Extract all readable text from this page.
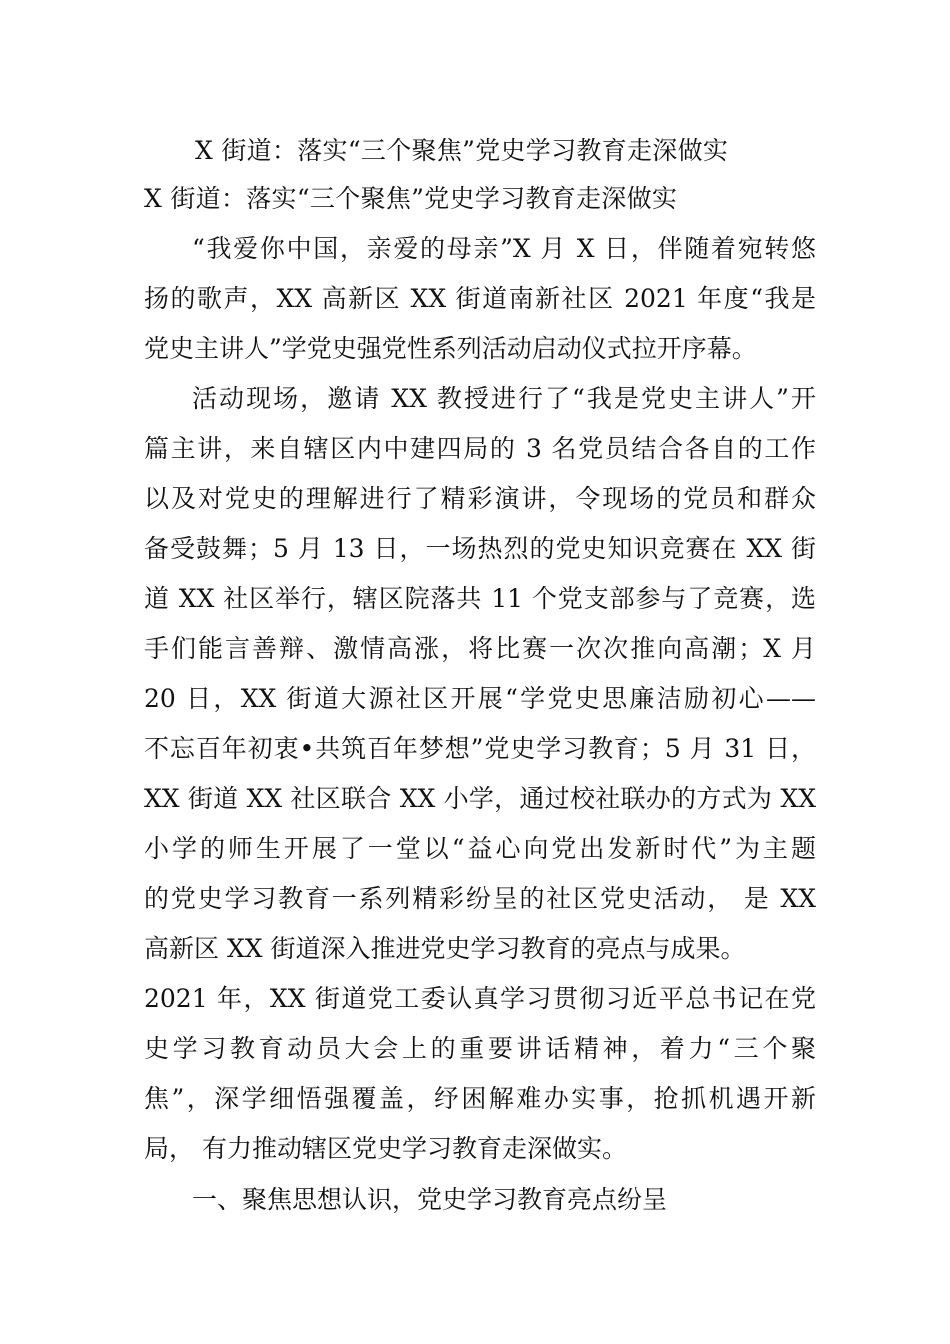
X 街道：落实“三个聚焦”党史学习教育走深做实
X 街道：落实“三个聚焦”党史学习教育走深做实
“我爱你中国，亲爱的母亲”X 月 X 日，伴随着宛转悠
扬的歌声，XX 高新区 XX 街道南新社区 2021 年度“我是
党史主讲人”学党史强党性系列活动启动仪式拉开序幕。
活动现场，邀请 XX 教授进行了“我是党史主讲人”开
篇主讲，来自辖区内中建四局的 3 名党员结合各自的工作
以及对党史的理解进行了精彩演讲，令现场的党员和群众
备受鼓舞；5 月 13 日，一场热烈的党史知识竞赛在 XX 街
道 XX 社区举行，辖区院落共 11 个党支部参与了竞赛，选
手们能言善辩、激情高涨，将比赛一次次推向高潮；X 月
20 日，XX 街道大源社区开展“学党史思廉洁励初心——
不忘百年初衷•共筑百年梦想”党史学习教育；5 月 31 日，
XX 街道 XX 社区联合 XX 小学，通过校社联办的方式为 XX
小学的师生开展了一堂以“益心向党出发新时代”为主题
的党史学习教育一系列精彩纷呈的社区党史活动， 是 XX
高新区 XX 街道深入推进党史学习教育的亮点与成果。
2021 年，XX 街道党工委认真学习贯彻习近平总书记在党
史学习教育动员大会上的重要讲话精神，着力“三个聚
焦”，深学细悟强覆盖，纾困解难办实事，抢抓机遇开新
局， 有力推动辖区党史学习教育走深做实。
一、聚焦思想认识，党史学习教育亮点纷呈
